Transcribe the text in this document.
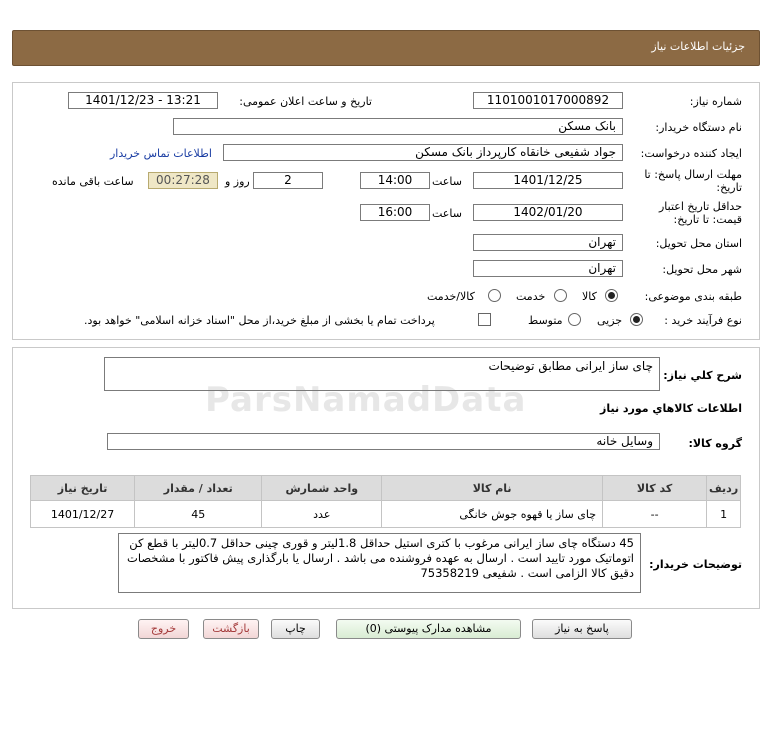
جزئیات اطلاعات نیاز
شماره نیاز:
1101001017000892
تاریخ و ساعت اعلان عمومی:
1401/12/23 - 13:21
نام دستگاه خریدار:
بانک مسکن
ایجاد کننده درخواست:
جواد شفیعی خانقاه کارپرداز بانک مسکن
اطلاعات تماس خریدار
مهلت ارسال پاسخ: تا
تاریخ:
1401/12/25
ساعت
14:00
2
روز و
00:27:28
ساعت باقی مانده
حداقل تاریخ اعتبار
قیمت: تا تاریخ:
1402/01/20
ساعت
16:00
استان محل تحویل:
تهران
شهر محل تحویل:
تهران
طبقه بندی موضوعی:
کالا
خدمت
کالا/خدمت
نوع فرآیند خرید :
جزیی
متوسط
پرداخت تمام یا بخشی از مبلغ خرید،از محل "اسناد خزانه اسلامی" خواهد بود.
شرح کلي نياز:
چای ساز ایرانی مطابق توضیحات
اطلاعات کالاهاي مورد نياز
گروه کالا:
وسایل خانه
ردیف	کد کالا	نام کالا	واحد شمارش	تعداد / مقدار	تاریخ نیاز
1	--	چای ساز یا قهوه جوش خانگی	عدد	45	1401/12/27
توضیحات خریدار:
45 دستگاه چای ساز ایرانی مرغوب با کتری استیل حداقل 1.8لیتر و قوری چینی حداقل 0.7لیتر با قطع کن اتوماتیک مورد تایید است . ارسال به عهده فروشنده می باشد . ارسال یا بارگذاری پیش فاکتور با مشخصات دقیق کالا الزامی است . شفیعی 75358219
پاسخ به نیاز
مشاهده مدارک پیوستی (0)
چاپ
بازگشت
خروج
